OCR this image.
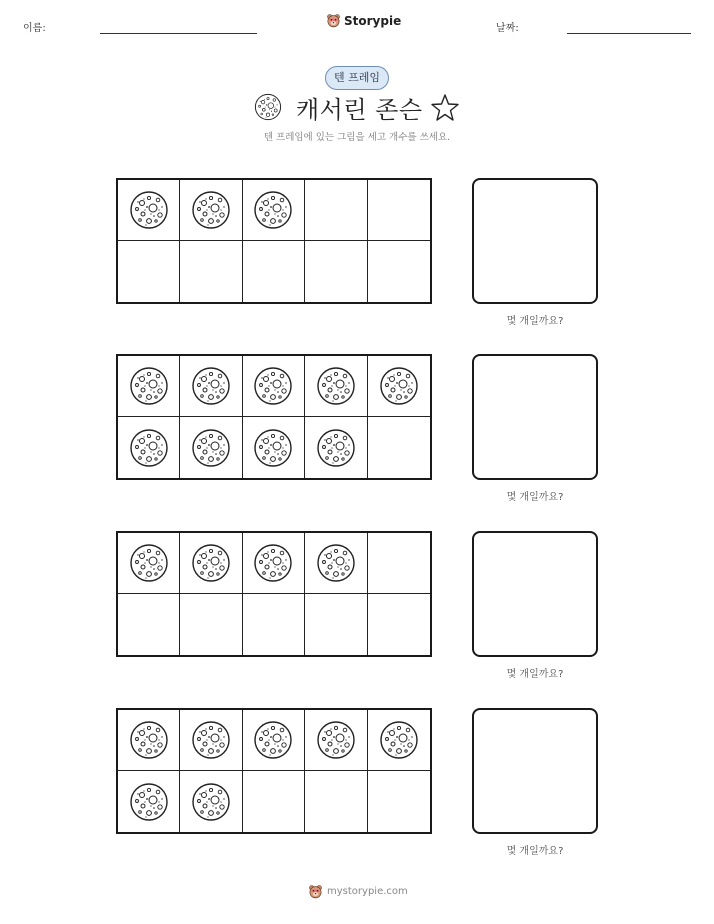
이름:
Storypie
날짜:
텐 프레임
캐서린 존슨
텐 프레임에 있는 그림을 세고 개수를 쓰세요.
몇 개일까요?
몇 개일까요?
몇 개일까요?
몇 개일까요?
mystorypie.com
